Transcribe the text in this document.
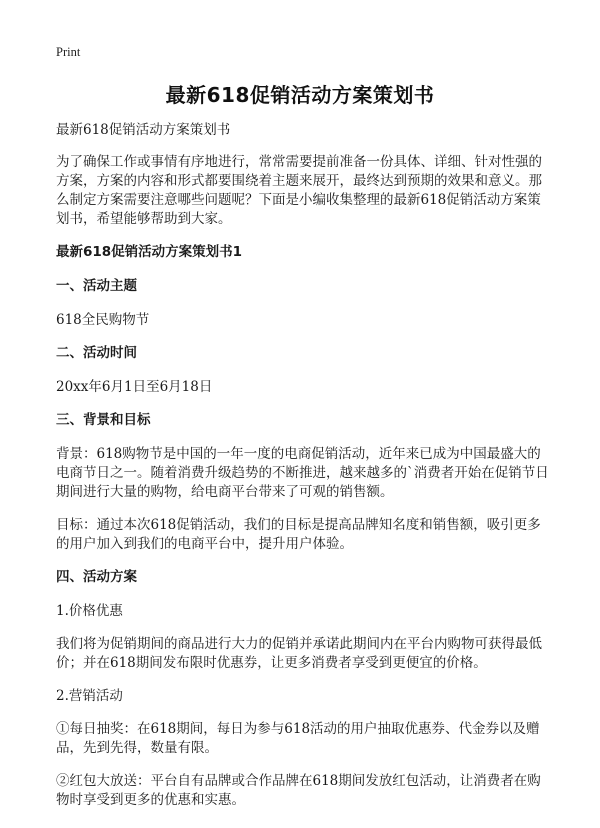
Print
最新618促销活动方案策划书

最新618促销活动方案策划书

为了确保工作或事情有序地进行，常常需要提前准备一份具体、详细、针对性强的方案，方案的内容和形式都要围绕着主题来展开，最终达到预期的效果和意义。那么制定方案需要注意哪些问题呢？下面是小编收集整理的最新618促销活动方案策划书，希望能够帮助到大家。

最新618促销活动方案策划书1
一、活动主题

618全民购物节

二、活动时间

20xx年6月1日至6月18日

三、背景和目标

背景：618购物节是中国的一年一度的电商促销活动，近年来已成为中国最盛大的电商节日之一。随着消费升级趋势的不断推进，越来越多的`消费者开始在促销节日期间进行大量的购物，给电商平台带来了可观的销售额。

目标：通过本次618促销活动，我们的目标是提高品牌知名度和销售额，吸引更多的用户加入到我们的电商平台中，提升用户体验。

四、活动方案

1.价格优惠

我们将为促销期间的商品进行大力的促销并承诺此期间内在平台内购物可获得最低价；并在618期间发布限时优惠券，让更多消费者享受到更便宜的价格。

2.营销活动

①每日抽奖：在618期间，每日为参与618活动的用户抽取优惠券、代金券以及赠品，先到先得，数量有限。

②红包大放送：平台自有品牌或合作品牌在618期间发放红包活动，让消费者在购物时享受到更多的优惠和实惠。
